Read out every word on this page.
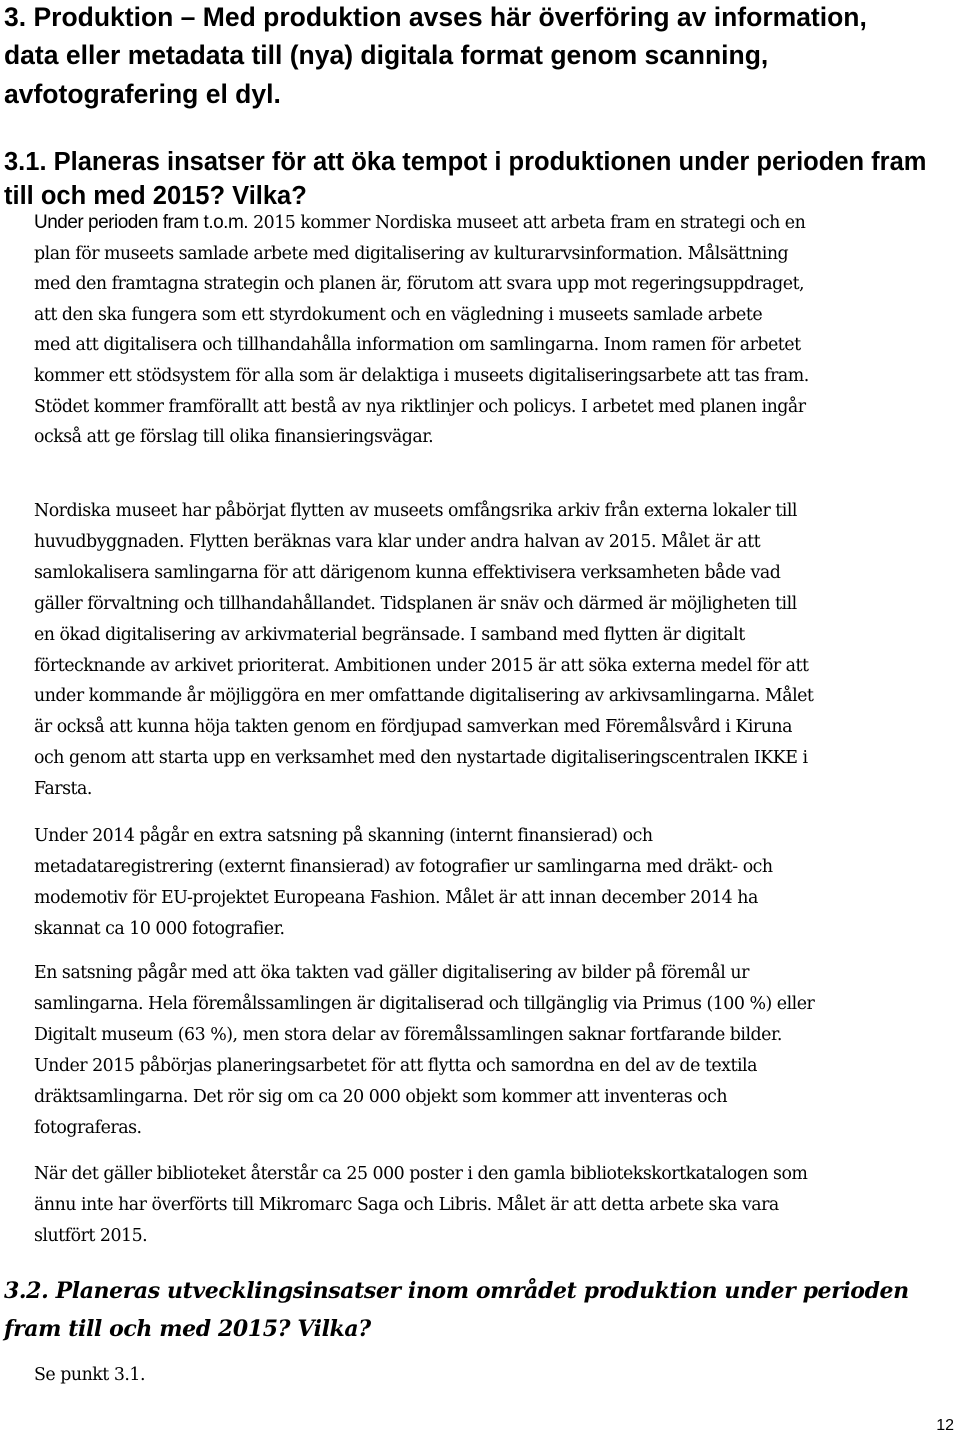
3. Produktion – Med produktion avses här överföring av information,
data eller metadata till (nya) digitala format genom scanning,
avfotografering el dyl.
3.1. Planeras insatser för att öka tempot i produktionen under perioden fram
till och med 2015? Vilka?
Under perioden fram t.o.m. 2015 kommer Nordiska museet att arbeta fram en strategi och en
plan för museets samlade arbete med digitalisering av kulturarvsinformation. Målsättning
med den framtagna strategin och planen är, förutom att svara upp mot regeringsuppdraget,
att den ska fungera som ett styrdokument och en vägledning i museets samlade arbete
med att digitalisera och tillhandahålla information om samlingarna. Inom ramen för arbetet
kommer ett stödsystem för alla som är delaktiga i museets digitaliseringsarbete att tas fram.
Stödet kommer framförallt att bestå av nya riktlinjer och policys. I arbetet med planen ingår
också att ge förslag till olika finansieringsvägar.
Nordiska museet har påbörjat flytten av museets omfångsrika arkiv från externa lokaler till
huvudbyggnaden. Flytten beräknas vara klar under andra halvan av 2015. Målet är att
samlokalisera samlingarna för att därigenom kunna effektivisera verksamheten både vad
gäller förvaltning och tillhandahållandet. Tidsplanen är snäv och därmed är möjligheten till
en ökad digitalisering av arkivmaterial begränsade. I samband med flytten är digitalt
förtecknande av arkivet prioriterat. Ambitionen under 2015 är att söka externa medel för att
under kommande år möjliggöra en mer omfattande digitalisering av arkivsamlingarna. Målet
är också att kunna höja takten genom en fördjupad samverkan med Föremålsvård i Kiruna
och genom att starta upp en verksamhet med den nystartade digitaliseringscentralen IKKE i
Farsta.
Under 2014 pågår en extra satsning på skanning (internt finansierad) och
metadataregistrering (externt finansierad) av fotografier ur samlingarna med dräkt- och
modemotiv för EU-projektet Europeana Fashion. Målet är att innan december 2014 ha
skannat ca 10 000 fotografier.
En satsning pågår med att öka takten vad gäller digitalisering av bilder på föremål ur
samlingarna. Hela föremålssamlingen är digitaliserad och tillgänglig via Primus (100 %) eller
Digitalt museum (63 %), men stora delar av föremålssamlingen saknar fortfarande bilder.
Under 2015 påbörjas planeringsarbetet för att flytta och samordna en del av de textila
dräktsamlingarna. Det rör sig om ca 20 000 objekt som kommer att inventeras och
fotograferas.
När det gäller biblioteket återstår ca 25 000 poster i den gamla bibliotekskortkatalogen som
ännu inte har överförts till Mikromarc Saga och Libris. Målet är att detta arbete ska vara
slutfört 2015.
3.2. Planeras utvecklingsinsatser inom området produktion under perioden
fram till och med 2015? Vilka?

Se punkt 3.1.

12
